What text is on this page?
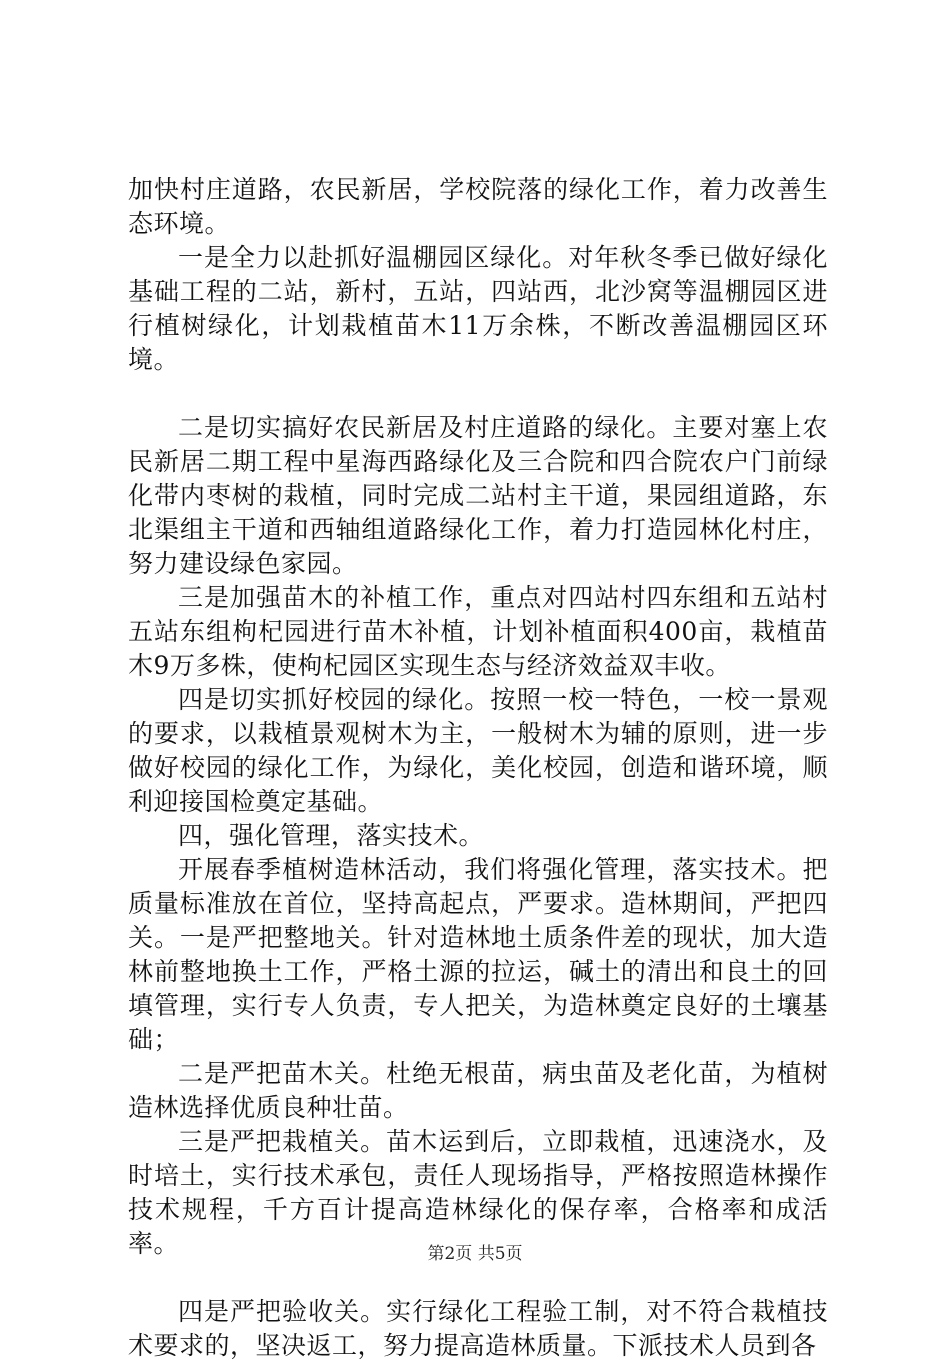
加快村庄道路，农民新居，学校院落的绿化工作，着力改善生态环境。

一是全力以赴抓好温棚园区绿化。对年秋冬季已做好绿化基础工程的二站，新村，五站，四站西，北沙窝等温棚园区进行植树绿化，计划栽植苗木11万余株，不断改善温棚园区环境。

二是切实搞好农民新居及村庄道路的绿化。主要对塞上农民新居二期工程中星海西路绿化及三合院和四合院农户门前绿化带内枣树的栽植，同时完成二站村主干道，果园组道路，东北渠组主干道和西轴组道路绿化工作，着力打造园林化村庄，努力建设绿色家园。

三是加强苗木的补植工作，重点对四站村四东组和五站村五站东组枸杞园进行苗木补植，计划补植面积400亩，栽植苗木9万多株，使枸杞园区实现生态与经济效益双丰收。

四是切实抓好校园的绿化。按照一校一特色，一校一景观的要求，以栽植景观树木为主，一般树木为辅的原则，进一步做好校园的绿化工作，为绿化，美化校园，创造和谐环境，顺利迎接国检奠定基础。

四，强化管理，落实技术。

开展春季植树造林活动，我们将强化管理，落实技术。把质量标准放在首位，坚持高起点，严要求。造林期间，严把四关。一是严把整地关。针对造林地土质条件差的现状，加大造林前整地换土工作，严格土源的拉运，碱土的清出和良土的回填管理，实行专人负责，专人把关，为造林奠定良好的土壤基础；

二是严把苗木关。杜绝无根苗，病虫苗及老化苗，为植树造林选择优质良种壮苗。

三是严把栽植关。苗木运到后，立即栽植，迅速浇水，及时培土，实行技术承包，责任人现场指导，严格按照造林操作技术规程，千方百计提高造林绿化的保存率，合格率和成活率。

四是严把验收关。实行绿化工程验工制，对不符合栽植技术要求的，坚决返工，努力提高造林质量。下派技术人员到各

第2页 共5页
